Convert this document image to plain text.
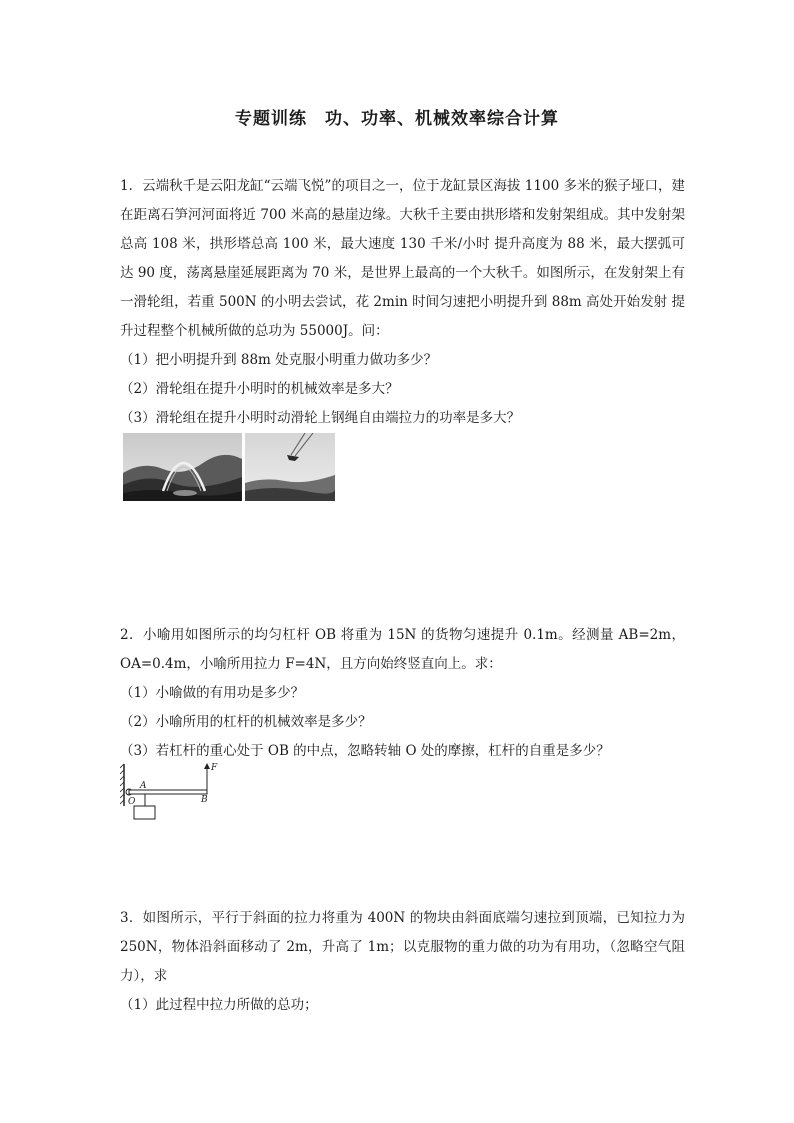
专题训练　功、功率、机械效率综合计算

1．云端秋千是云阳龙缸“云端飞悦”的项目之一，位于龙缸景区海拔 1100 多米的猴子垭口，建在距离石笋河河面将近 700 米高的悬崖边缘。大秋千主要由拱形塔和发射架组成。其中发射架总高 108 米，拱形塔总高 100 米，最大速度 130 千米/小时 提升高度为 88 米，最大摆弧可达 90 度，荡离悬崖延展距离为 70 米，是世界上最高的一个大秋千。如图所示，在发射架上有一滑轮组，若重 500N 的小明去尝试，花 2min 时间匀速把小明提升到 88m 高处开始发射 提升过程整个机械所做的总功为 55000J。问：

（1）把小明提升到 88m 处克服小明重力做功多少？

（2）滑轮组在提升小明时的机械效率是多大？

（3）滑轮组在提升小明时动滑轮上钢绳自由端拉力的功率是多大？

2．小喻用如图所示的均匀杠杆 OB 将重为 15N 的货物匀速提升 0.1m。经测量 AB=2m，OA=0.4m，小喻所用拉力 F=4N，且方向始终竖直向上。求：

（1）小喻做的有用功是多少？

（2）小喻所用的杠杆的机械效率是多少？

（3）若杠杆的重心处于 OB 的中点，忽略转轴 O 处的摩擦，杠杆的自重是多少？

A
O	B
F

3．如图所示，平行于斜面的拉力将重为 400N 的物块由斜面底端匀速拉到顶端，已知拉力为 250N，物体沿斜面移动了 2m，升高了 1m；以克服物的重力做的功为有用功，（忽略空气阻力），求

（1）此过程中拉力所做的总功；
